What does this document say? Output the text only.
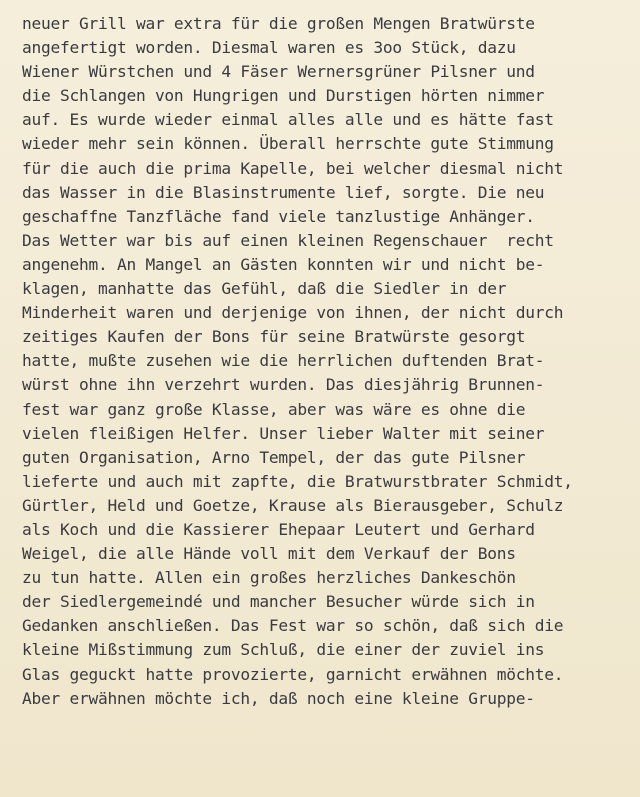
neuer Grill war extra für die großen Mengen Bratwürste
angefertigt worden. Diesmal waren es 3oo Stück, dazu
Wiener Würstchen und 4 Fäser Wernersgrüner Pilsner und
die Schlangen von Hungrigen und Durstigen hörten nimmer
auf. Es wurde wieder einmal alles alle und es hätte fast
wieder mehr sein können. Überall herrschte gute Stimmung
für die auch die prima Kapelle, bei welcher diesmal nicht
das Wasser in die Blasinstrumente lief, sorgte. Die neu
geschaffne Tanzfläche fand viele tanzlustige Anhänger.
Das Wetter war bis auf einen kleinen Regenschauer  recht
angenehm. An Mangel an Gästen konnten wir und nicht be-
klagen, manhatte das Gefühl, daß die Siedler in der
Minderheit waren und derjenige von ihnen, der nicht durch
zeitiges Kaufen der Bons für seine Bratwürste gesorgt
hatte, mußte zusehen wie die herrlichen duftenden Brat-
würst ohne ihn verzehrt wurden. Das diesjährig Brunnen-
fest war ganz große Klasse, aber was wäre es ohne die
vielen fleißigen Helfer. Unser lieber Walter mit seiner
guten Organisation, Arno Tempel, der das gute Pilsner
lieferte und auch mit zapfte, die Bratwurstbrater Schmidt,
Gürtler, Held und Goetze, Krause als Bierausgeber, Schulz
als Koch und die Kassierer Ehepaar Leutert und Gerhard
Weigel, die alle Hände voll mit dem Verkauf der Bons
zu tun hatte. Allen ein großes herzliches Dankeschön
der Siedlergemeindé und mancher Besucher würde sich in
Gedanken anschließen. Das Fest war so schön, daß sich die
kleine Mißstimmung zum Schluß, die einer der zuviel ins
Glas geguckt hatte provozierte, garnicht erwähnen möchte.
Aber erwähnen möchte ich, daß noch eine kleine Gruppe-
